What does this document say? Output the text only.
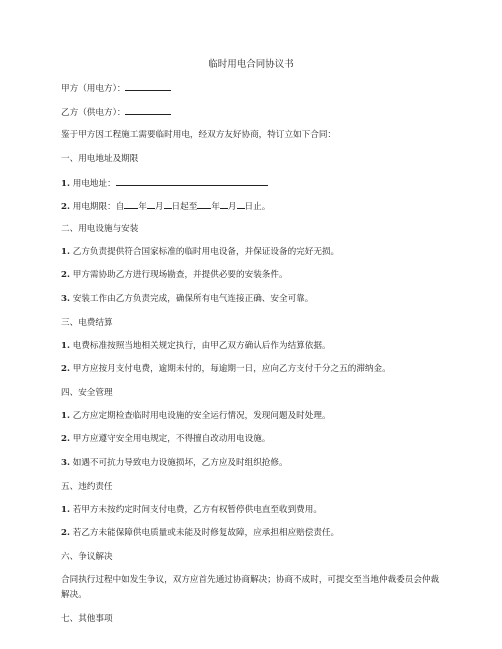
临时用电合同协议书
甲方（用电方）：
乙方（供电方）：
鉴于甲方因工程施工需要临时用电，经双方友好协商，特订立如下合同：
一、用电地址及期限
1. 用电地址：
2. 用电期限：自 年 月 日起至 年 月 日止。
二、用电设施与安装
1. 乙方负责提供符合国家标准的临时用电设备，并保证设备的完好无损。
2. 甲方需协助乙方进行现场勘查，并提供必要的安装条件。
3. 安装工作由乙方负责完成，确保所有电气连接正确、安全可靠。
三、电费结算
1. 电费标准按照当地相关规定执行，由甲乙双方确认后作为结算依据。
2. 甲方应按月支付电费，逾期未付的，每逾期一日，应向乙方支付千分之五的滞纳金。
四、安全管理
1. 乙方应定期检查临时用电设施的安全运行情况，发现问题及时处理。
2. 甲方应遵守安全用电规定，不得擅自改动用电设施。
3. 如遇不可抗力导致电力设施损坏，乙方应及时组织抢修。
五、违约责任
1. 若甲方未按约定时间支付电费，乙方有权暂停供电直至收到费用。
2. 若乙方未能保障供电质量或未能及时修复故障，应承担相应赔偿责任。
六、争议解决
合同执行过程中如发生争议，双方应首先通过协商解决；协商不成时，可提交至当地仲裁委员会仲裁解决。
七、其他事项
